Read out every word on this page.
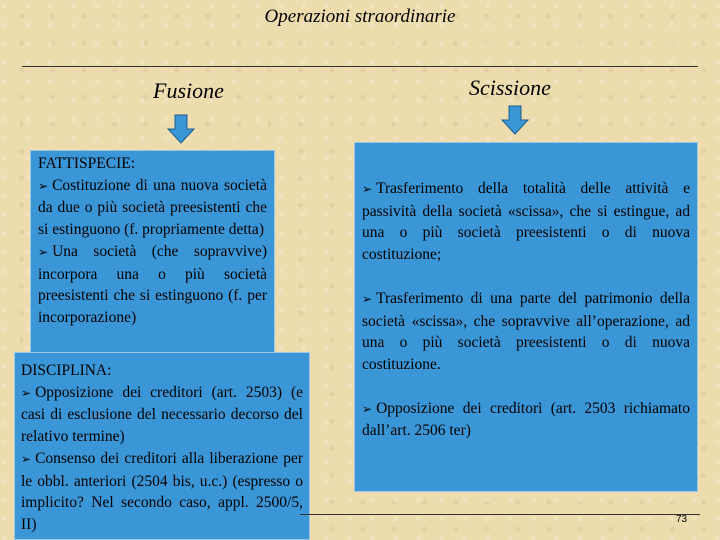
Operazioni straordinarie
Fusione
FATTISPECIE:
➢ Costituzione di una nuova società da due o più società preesistenti che si estinguono (f. propriamente detta)
➢ Una società (che sopravvive) incorpora una o più società preesistenti che si estinguono (f. per incorporazione)
DISCIPLINA:
➢ Opposizione dei creditori (art. 2503) (e casi di esclusione del necessario decorso del relativo termine)
➢ Consenso dei creditori alla liberazione per le obbl. anteriori (2504 bis, u.c.) (espresso o implicito? Nel secondo caso, appl. 2500/5, II)
Scissione
➢ Trasferimento della totalità delle attività e passività della società «scissa», che si estingue, ad una o più società preesistenti o di nuova costituzione;
➢ Trasferimento di una parte del patrimonio della società «scissa», che sopravvive all’operazione, ad una o più società preesistenti o di nuova costituzione.
➢ Opposizione dei creditori (art. 2503 richiamato dall’art. 2506 ter)
73
